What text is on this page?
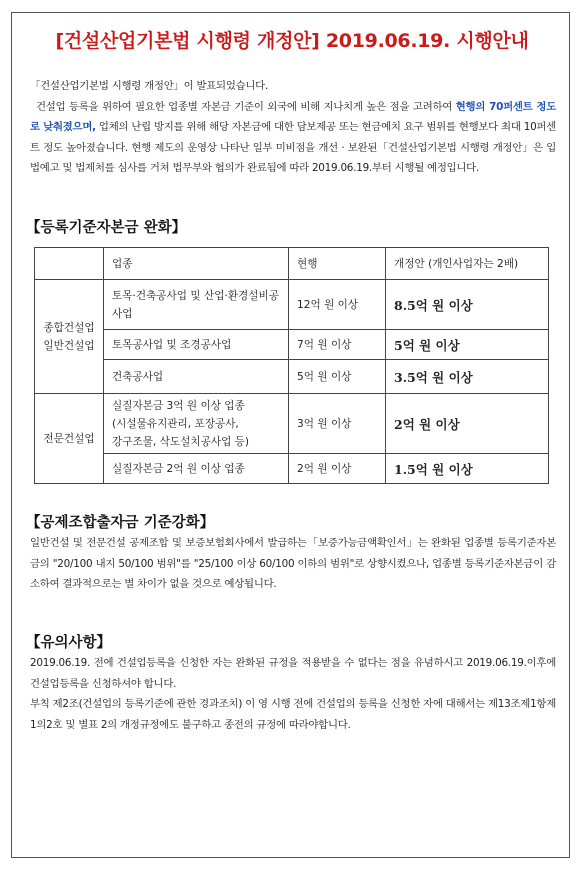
[건설산업기본법 시행령 개정안] 2019.06.19. 시행안내
「건설산업기본법 시행령 개정안」이 발표되었습니다.
건설업 등록을 위하여 필요한 업종별 자본금 기준이 외국에 비해 지나치게 높은 점을 고려하여 현행의 70퍼센트 정도로 낮춰졌으며, 업체의 난립 방지를 위해 해당 자본금에 대한 담보제공 또는 현금예치 요구 범위를 현행보다 최대 10퍼센트 정도 높아졌습니다. 현행 제도의 운영상 나타난 일부 미비점을 개선 · 보완된「건설산업기본법 시행령 개정안」은 입법예고 및 법제처를 심사를 거쳐 법무부와 협의가 완료됨에 따라 2019.06.19.부터 시행될 예정입니다.
【등록기준자본금 완화】
	업종	현행	개정안 (개인사업자는 2배)
종합건설업
일반건설업	토목·건축공사업 및 산업·환경설비공사업	12억 원 이상	8.5억 원 이상
	토목공사업 및 조경공사업	7억 원 이상	5억 원 이상
	건축공사업	5억 원 이상	3.5억 원 이상
전문건설업	실질자본금 3억 원 이상 업종
(시설물유지관리, 포장공사,
강구조물, 삭도설치공사업 등)	3억 원 이상	2억 원 이상
	실질자본금 2억 원 이상 업종	2억 원 이상	1.5억 원 이상
【공제조합출자금 기준강화】
일반건설 및 전문건설 공제조합 및 보증보험회사에서 발급하는「보증가능금액확인서」는 완화된 업종별 등록기준자본금의 "20/100 내지 50/100 범위"를 "25/100 이상 60/100 이하의 범위"로 상향시켰으나, 업종별 등록기준자본금이 감소하여 결과적으로는 별 차이가 없을 것으로 예상됩니다.
【유의사항】
2019.06.19. 전에 건설업등록을 신청한 자는 완화된 규정을 적용받을 수 없다는 점을 유념하시고 2019.06.19.이후에 건설업등록을 신청하셔야 합니다.
부칙 제2조(건설업의 등록기준에 관한 경과조치) 이 영 시행 전에 건설업의 등록을 신청한 자에 대해서는 제13조제1항제1의2호 및 별표 2의 개정규정에도 불구하고 종전의 규정에 따라야합니다.
